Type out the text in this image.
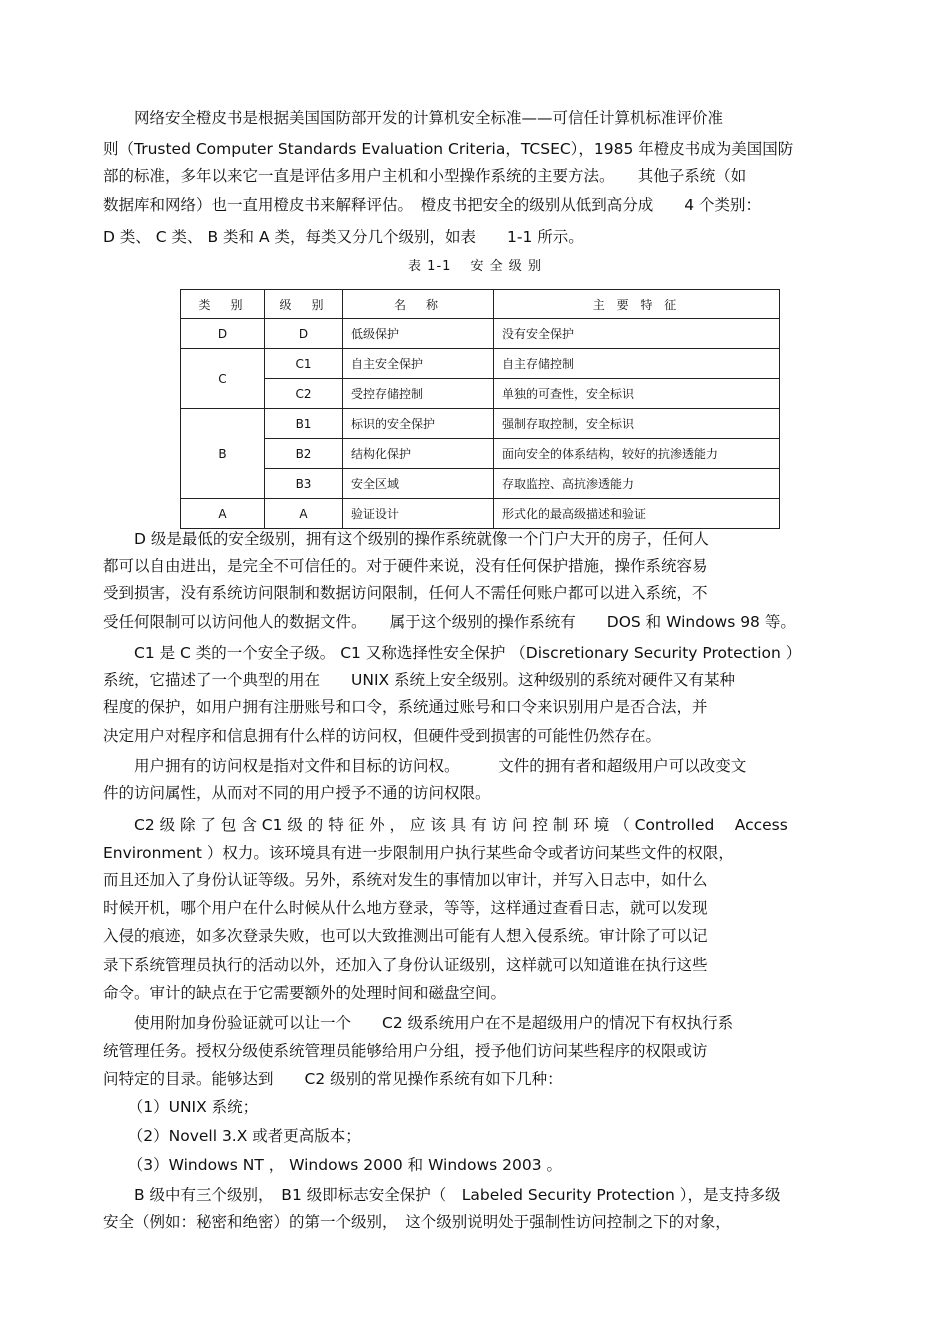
　　网络安全橙皮书是根据美国国防部开发的计算机安全标准——可信任计算机标准评价准
则（Trusted Computer Standards Evaluation Criteria，TCSEC），1985 年橙皮书成为美国国防
部的标准，多年以来它一直是评估多用户主机和小型操作系统的主要方法。　　其他子系统（如
数据库和网络）也一直用橙皮书来解释评估。　橙皮书把安全的级别从低到高分成　　4 个类别：
D 类、 C 类、 B 类和 A 类，每类又分几个级别，如表　　1-1 所示。
表 1-1　 安 全 级 别
类　别	级　别	名　称	主 要 特 征
D	D	低级保护	没有安全保护
C	C1	自主安全保护	自主存储控制
	C2	受控存储控制	单独的可查性，安全标识
B	B1	标识的安全保护	强制存取控制，安全标识
	B2	结构化保护	面向安全的体系结构，较好的抗渗透能力
	B3	安全区域	存取监控、高抗渗透能力
A	A	验证设计	形式化的最高级描述和验证
　　D 级是最低的安全级别，拥有这个级别的操作系统就像一个门户大开的房子，任何人
都可以自由进出，是完全不可信任的。对于硬件来说，没有任何保护措施，操作系统容易
受到损害，没有系统访问限制和数据访问限制，任何人不需任何账户都可以进入系统，不
受任何限制可以访问他人的数据文件。　　属于这个级别的操作系统有　　DOS 和 Windows 98 等。
　　C1 是 C 类的一个安全子级。 C1 又称选择性安全保护 （Discretionary Security Protection ）
系统，它描述了一个典型的用在　　UNIX 系统上安全级别。这种级别的系统对硬件又有某种
程度的保护，如用户拥有注册账号和口令，系统通过账号和口令来识别用户是否合法，并
决定用户对程序和信息拥有什么样的访问权，但硬件受到损害的可能性仍然存在。
　　用户拥有的访问权是指对文件和目标的访问权。　　　文件的拥有者和超级用户可以改变文
件的访问属性，从而对不同的用户授予不通的访问权限。
　　C2 级 除 了 包 含 C1 级 的 特 征 外 ， 应 该 具 有 访 问 控 制 环 境 （ Controlled　 Access
Environment ）权力。该环境具有进一步限制用户执行某些命令或者访问某些文件的权限，
而且还加入了身份认证等级。另外，系统对发生的事情加以审计，并写入日志中，如什么
时候开机，哪个用户在什么时候从什么地方登录，等等，这样通过查看日志，就可以发现
入侵的痕迹，如多次登录失败，也可以大致推测出可能有人想入侵系统。审计除了可以记
录下系统管理员执行的活动以外，还加入了身份认证级别，这样就可以知道谁在执行这些
命令。审计的缺点在于它需要额外的处理时间和磁盘空间。
　　使用附加身份验证就可以让一个　　C2 级系统用户在不是超级用户的情况下有权执行系
统管理任务。授权分级使系统管理员能够给用户分组，授予他们访问某些程序的权限或访
问特定的目录。能够达到　　C2 级别的常见操作系统有如下几种：
　（1）UNIX 系统；
　（2）Novell 3.X 或者更高版本；
　（3）Windows NT ， Windows 2000 和 Windows 2003 。
　　B 级中有三个级别，　B1 级即标志安全保护（　Labeled Security Protection ），是支持多级
安全（例如：秘密和绝密）的第一个级别，　这个级别说明处于强制性访问控制之下的对象，
